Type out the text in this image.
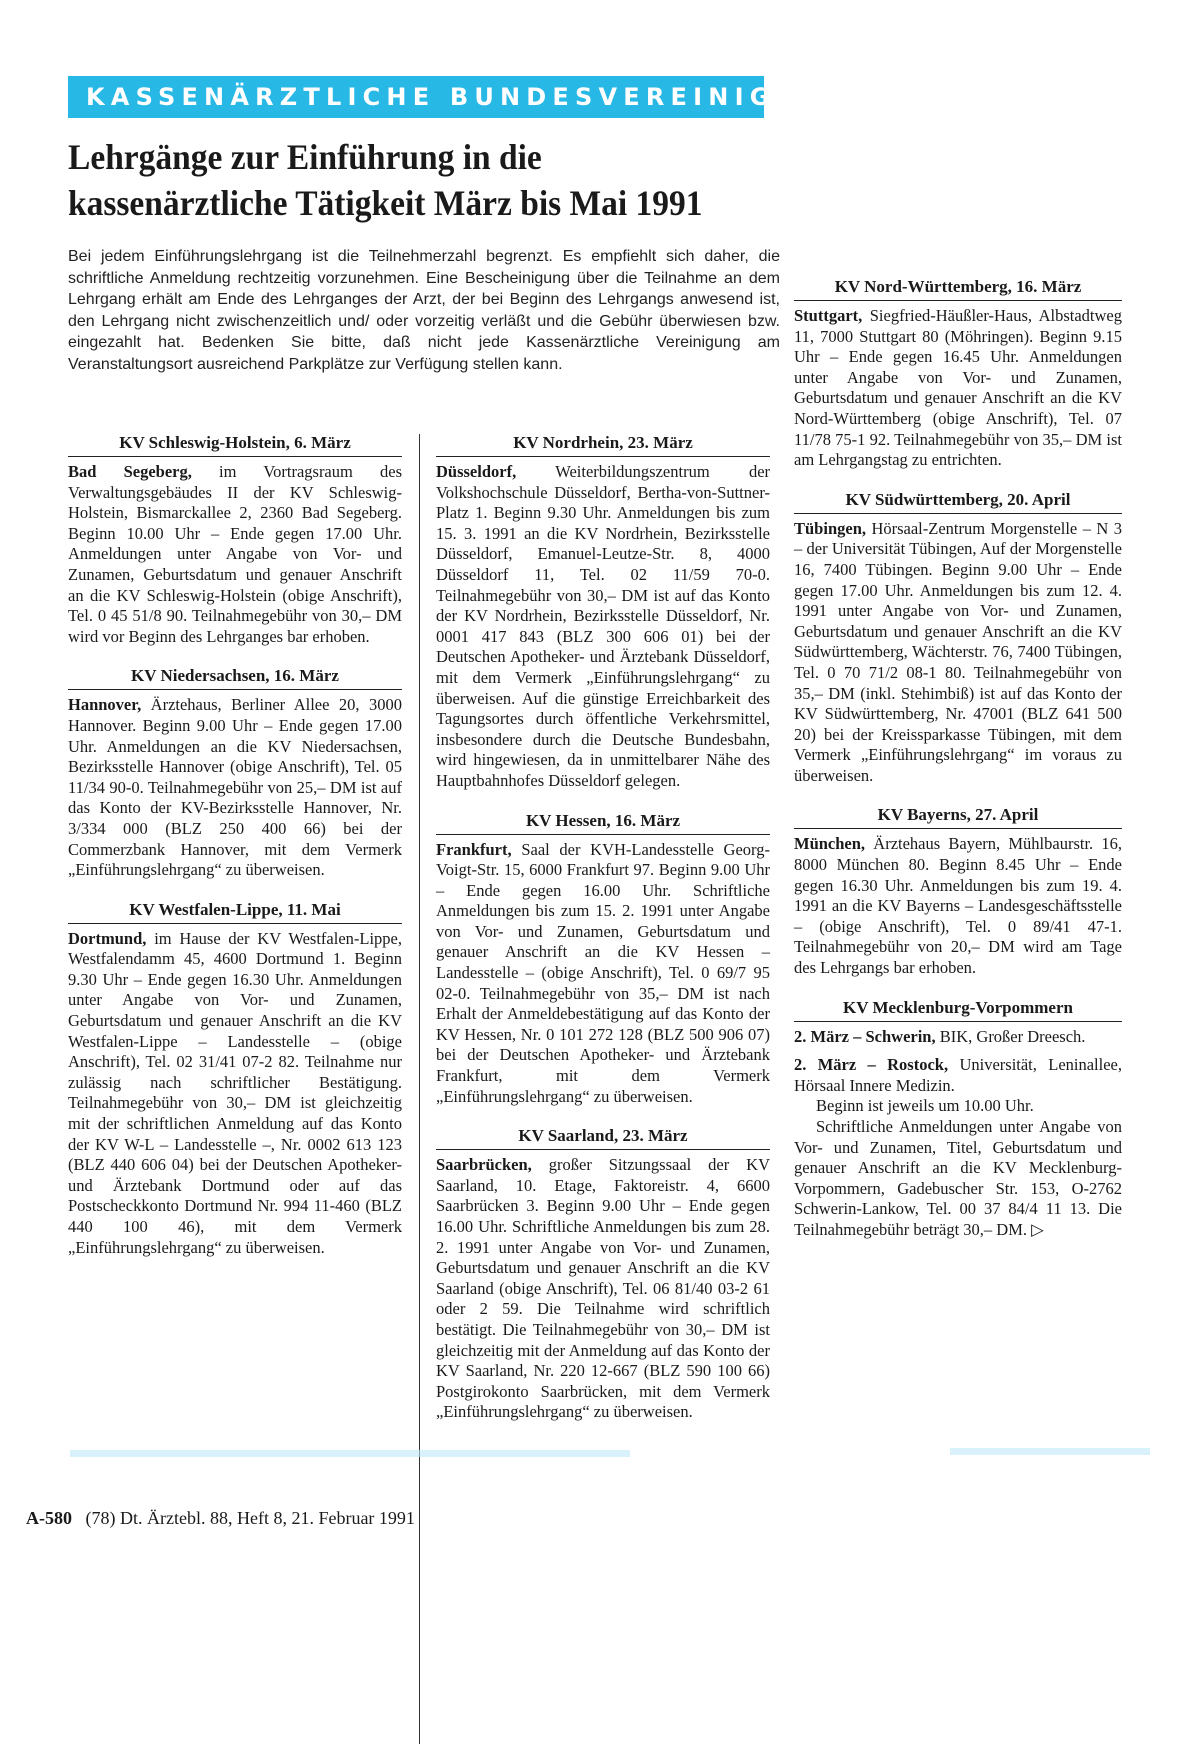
KASSENÄRZTLICHE BUNDESVEREINIGUNG
Lehrgänge zur Einführung in die
kassenärztliche Tätigkeit März bis Mai 1991

Bei jedem Einführungslehrgang ist die Teilnehmerzahl begrenzt. Es empfiehlt sich daher, die schriftliche Anmeldung rechtzeitig vorzunehmen. Eine Bescheinigung über die Teilnahme an dem Lehrgang erhält am Ende des Lehrganges der Arzt, der bei Beginn des Lehrgangs anwesend ist, den Lehrgang nicht zwischenzeitlich und/ oder vorzeitig verläßt und die Gebühr überwiesen bzw. eingezahlt hat. Bedenken Sie bitte, daß nicht jede Kassenärztliche Vereinigung am Veranstaltungsort ausreichend Parkplätze zur Verfügung stellen kann.

KV Schleswig-Holstein, 6. März

Bad Segeberg, im Vortragsraum des Verwaltungsgebäudes II der KV Schleswig-Holstein, Bismarckallee 2, 2360 Bad Segeberg. Beginn 10.00 Uhr – Ende gegen 17.00 Uhr. Anmeldungen unter Angabe von Vor- und Zunamen, Geburtsdatum und genauer Anschrift an die KV Schleswig-Holstein (obige Anschrift), Tel. 0 45 51/8 90. Teilnahmegebühr von 30,– DM wird vor Beginn des Lehrganges bar erhoben.

KV Niedersachsen, 16. März

Hannover, Ärztehaus, Berliner Allee 20, 3000 Hannover. Beginn 9.00 Uhr – Ende gegen 17.00 Uhr. Anmeldungen an die KV Niedersachsen, Bezirksstelle Hannover (obige Anschrift), Tel. 05 11/34 90-0. Teilnahmegebühr von 25,– DM ist auf das Konto der KV-Bezirksstelle Hannover, Nr. 3/334 000 (BLZ 250 400 66) bei der Commerzbank Hannover, mit dem Vermerk „Einführungslehrgang“ zu überweisen.

KV Westfalen-Lippe, 11. Mai

Dortmund, im Hause der KV Westfalen-Lippe, Westfalendamm 45, 4600 Dortmund 1. Beginn 9.30 Uhr – Ende gegen 16.30 Uhr. Anmeldungen unter Angabe von Vor- und Zunamen, Geburtsdatum und genauer Anschrift an die KV Westfalen-Lippe – Landesstelle – (obige Anschrift), Tel. 02 31/41 07-2 82. Teilnahme nur zulässig nach schriftlicher Bestätigung. Teilnahmegebühr von 30,– DM ist gleichzeitig mit der schriftlichen Anmeldung auf das Konto der KV W-L – Landesstelle –, Nr. 0002 613 123 (BLZ 440 606 04) bei der Deutschen Apotheker- und Ärztebank Dortmund oder auf das Postscheckkonto Dortmund Nr. 994 11-460 (BLZ 440 100 46), mit dem Vermerk „Einführungslehrgang“ zu überweisen.

KV Nordrhein, 23. März

Düsseldorf, Weiterbildungszentrum der Volkshochschule Düsseldorf, Bertha-von-Suttner-Platz 1. Beginn 9.30 Uhr. Anmeldungen bis zum 15. 3. 1991 an die KV Nordrhein, Bezirksstelle Düsseldorf, Emanuel-Leutze-Str. 8, 4000 Düsseldorf 11, Tel. 02 11/59 70-0. Teilnahmegebühr von 30,– DM ist auf das Konto der KV Nordrhein, Bezirksstelle Düsseldorf, Nr. 0001 417 843 (BLZ 300 606 01) bei der Deutschen Apotheker- und Ärztebank Düsseldorf, mit dem Vermerk „Einführungslehrgang“ zu überweisen. Auf die günstige Erreichbarkeit des Tagungsortes durch öffentliche Verkehrsmittel, insbesondere durch die Deutsche Bundesbahn, wird hingewiesen, da in unmittelbarer Nähe des Hauptbahnhofes Düsseldorf gelegen.

KV Hessen, 16. März

Frankfurt, Saal der KVH-Landesstelle Georg-Voigt-Str. 15, 6000 Frankfurt 97. Beginn 9.00 Uhr – Ende gegen 16.00 Uhr. Schriftliche Anmeldungen bis zum 15. 2. 1991 unter Angabe von Vor- und Zunamen, Geburtsdatum und genauer Anschrift an die KV Hessen – Landesstelle – (obige Anschrift), Tel. 0 69/7 95 02-0. Teilnahmegebühr von 35,– DM ist nach Erhalt der Anmeldebestätigung auf das Konto der KV Hessen, Nr. 0 101 272 128 (BLZ 500 906 07) bei der Deutschen Apotheker- und Ärztebank Frankfurt, mit dem Vermerk „Einführungslehrgang“ zu überweisen.

KV Saarland, 23. März

Saarbrücken, großer Sitzungssaal der KV Saarland, 10. Etage, Faktoreistr. 4, 6600 Saarbrücken 3. Beginn 9.00 Uhr – Ende gegen 16.00 Uhr. Schriftliche Anmeldungen bis zum 28. 2. 1991 unter Angabe von Vor- und Zunamen, Geburtsdatum und genauer Anschrift an die KV Saarland (obige Anschrift), Tel. 06 81/40 03-2 61 oder 2 59. Die Teilnahme wird schriftlich bestätigt. Die Teilnahmegebühr von 30,– DM ist gleichzeitig mit der Anmeldung auf das Konto der KV Saarland, Nr. 220 12-667 (BLZ 590 100 66) Postgirokonto Saarbrücken, mit dem Vermerk „Einführungslehrgang“ zu überweisen.

KV Nord-Württemberg, 16. März

Stuttgart, Siegfried-Häußler-Haus, Albstadtweg 11, 7000 Stuttgart 80 (Möhringen). Beginn 9.15 Uhr – Ende gegen 16.45 Uhr. Anmeldungen unter Angabe von Vor- und Zunamen, Geburtsdatum und genauer Anschrift an die KV Nord-Württemberg (obige Anschrift), Tel. 07 11/78 75-1 92. Teilnahmegebühr von 35,– DM ist am Lehrgangstag zu entrichten.

KV Südwürttemberg, 20. April

Tübingen, Hörsaal-Zentrum Morgenstelle – N 3 – der Universität Tübingen, Auf der Morgenstelle 16, 7400 Tübingen. Beginn 9.00 Uhr – Ende gegen 17.00 Uhr. Anmeldungen bis zum 12. 4. 1991 unter Angabe von Vor- und Zunamen, Geburtsdatum und genauer Anschrift an die KV Südwürttemberg, Wächterstr. 76, 7400 Tübingen, Tel. 0 70 71/2 08-1 80. Teilnahmegebühr von 35,– DM (inkl. Stehimbiß) ist auf das Konto der KV Südwürttemberg, Nr. 47001 (BLZ 641 500 20) bei der Kreissparkasse Tübingen, mit dem Vermerk „Einführungslehrgang“ im voraus zu überweisen.

KV Bayerns, 27. April

München, Ärztehaus Bayern, Mühlbaurstr. 16, 8000 München 80. Beginn 8.45 Uhr – Ende gegen 16.30 Uhr. Anmeldungen bis zum 19. 4. 1991 an die KV Bayerns – Landesgeschäftsstelle – (obige Anschrift), Tel. 0 89/41 47-1. Teilnahmegebühr von 20,– DM wird am Tage des Lehrgangs bar erhoben.

KV Mecklenburg-Vorpommern

2. März – Schwerin, BIK, Großer Dreesch.

2. März – Rostock, Universität, Leninallee, Hörsaal Innere Medizin.

Beginn ist jeweils um 10.00 Uhr.

Schriftliche Anmeldungen unter Angabe von Vor- und Zunamen, Titel, Geburtsdatum und genauer Anschrift an die KV Mecklenburg-Vorpommern, Gadebuscher Str. 153, O-2762 Schwerin-Lankow, Tel. 00 37 84/4 11 13. Die Teilnahmegebühr beträgt 30,– DM. ▷

A-580 (78) Dt. Ärztebl. 88, Heft 8, 21. Februar 1991
